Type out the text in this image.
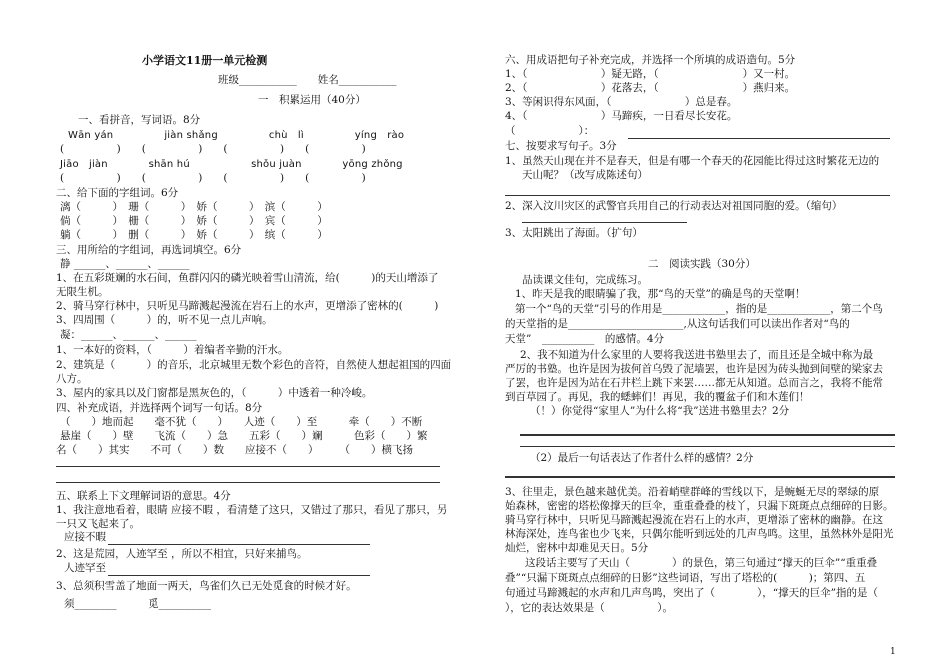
小学语文11册一单元检测
班级___________　　姓名___________
一　积累运用（40分）
一、看拼音，写词语。8分
Wān yán　　　　　jiàn shǎng　　　　　chù　lì　　　　　yíng　rào
(　　　　　)　　(　　　　　)　　(　　　　　)　　(　　　　　)
Jiāo　jiàn　　　　shān hú　　　　　　shǒu juàn　　　　yōng zhǒng
(　　　　　)　　(　　　　　)　　(　　　　　)　　(　　　　　)
二、给下面的字组词。6分
漓（　　　）　珊（　　　）　娇（　　　）　滨（　　　）
倘（　　　）　栅（　　　）　娇（　　　）　宾（　　　）
躺（　　　）　删（　　　）　娇（　　　）　缤（　　　）
三、用所给的字组词，再选词填空。6分
静 ______、______、______
1、在五彩斑斓的水石间，鱼群闪闪的磷光映着雪山清流，给(　　　)的天山增添了
无限生机。
2、骑马穿行林中，只听见马蹄溅起漫流在岩石上的水声，更增添了密林的(　　　)
3、四周围（　　　）的，听不见一点儿声响。
凝：______、______、______
1、一本好的资料，（　　　）着编者辛勤的汗水。
2、建筑是（　　　）的音乐，北京城里无数个彩色的音符，自然使人想起祖国的四面
八方。
3、屋内的家具以及门窗都是黑灰色的，（　　　）中透着一种冷峻。
四、补充成语，并选择两个词写一句话。8分
（　　）地而起　　毫不犹（　　）　　人迹（　　）至　　　牵（　　）不断
悬崖（　　）壁　　飞流（　　）急　　五彩（　　）斓　　　色彩（　　）繁
名（　　）其实　　不可（　　）数　　应接不（　　）　　　（　　）横飞扬
五、联系上下文理解词语的意思。4分
1、我注意地看着，眼睛 应接不暇 ，看清楚了这只，又错过了那只，看见了那只，另
一只又飞起来了。
应接不暇
2、这是荒园，人迹罕至 ，所以不相宜，只好来捕鸟。
人迹罕至
3、总须积雪盖了地面一两天，鸟雀们久已无处觅食的时候才好。
须________　　　觅__________
六、用成语把句子补充完成，并选择一个所填的成语造句。5分
1、（　　　　　　　）疑无路，（　　　　　　　　）又一村。
2、（　　　　　　　）花落去，（　　　　　　　　）燕归来。
3、等闲识得东风面，（　　　　　　　）总是春。
4、（　　　　　　　）马蹄疾，一日看尽长安花。
（　　　　　　）：
七、按要求写句子。3分
1、虽然天山现在并不是春天，但是有哪一个春天的花园能比得过这时繁花无边的
天山呢？（改写成陈述句）
2、深入汶川灾区的武警官兵用自己的行动表达对祖国同胞的爱。（缩句）
3、太阳跳出了海面。（扩句）
二　阅读实践（30分）
品读课文佳句，完成练习。
1、昨天是我的眼睛骗了我，那“鸟的天堂”的确是鸟的天堂啊！
第一个“鸟的天堂”引号的作用是____________，指的是____________，第二个鸟
的天堂指的是______________________,从这句话我们可以读出作者对“鸟的
天堂”　__________　的感情。4分
2、我不知道为什么家里的人要将我送进书塾里去了，而且还是全城中称为最
严厉的书塾。也许是因为拔何首乌毁了泥墙罢，也许是因为砖头抛到间壁的梁家去
了罢，也许是因为站在石井栏上跳下来罢……都无从知道。总而言之，我将不能常
到百草园了。再见，我的蟋蟀们！再见，我的覆盆子们和木莲们！
（！）你觉得“家里人”为什么将“我”送进书塾里去？2分
（2）最后一句话表达了作者什么样的感情？2分
3、往里走，景色越来越优美。沿着峭壁群峰的雪线以下，是蜿蜒无尽的翠绿的原
始森林，密密的塔松像撑天的巨伞，重重叠叠的枝丫，只漏下斑斑点点细碎的日影。
骑马穿行林中，只听见马蹄溅起漫流在岩石上的水声，更增添了密林的幽静。在这
林海深处，连鸟雀也少飞来，只偶尔能听到远处的几声鸟鸣。这里，虽然林外是阳光
灿烂，密林中却难见天日。5分
这段话主要写了天山（　　　　）的景色，第三句通过“撑天的巨伞”“重重叠
叠”“只漏下斑斑点点细碎的日影”这些词语，写出了塔松的(　　　)；第四、五
句通过马蹄溅起的水声和几声鸟鸣，突出了（　　　　），“撑天的巨伞”指的是（
），它的表达效果是（　　　　　）。
1
